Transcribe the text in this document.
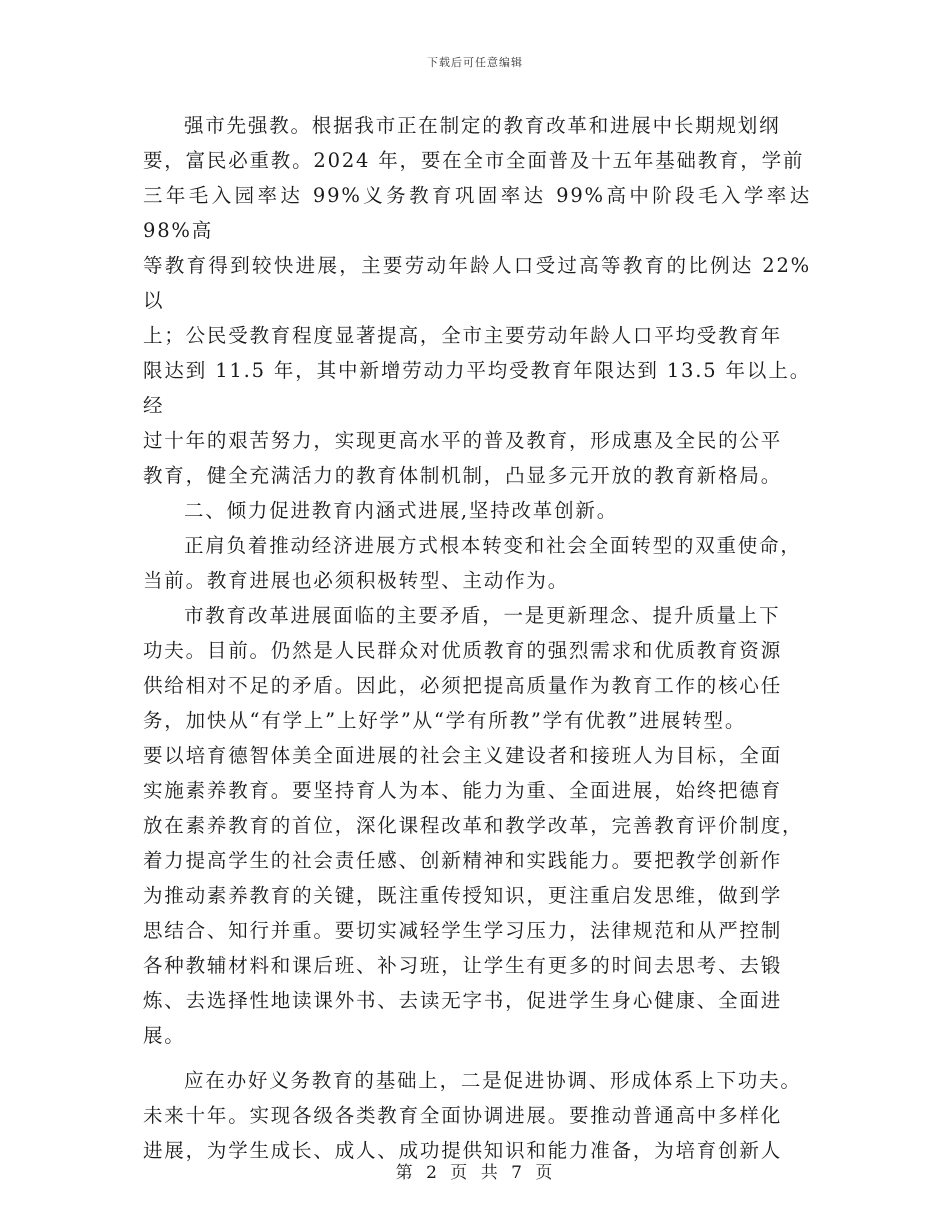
下载后可任意编辑

强市先强教。根据我市正在制定的教育改革和进展中长期规划纲
要，富民必重教。2024 年，要在全市全面普及十五年基础教育，学前
三年毛入园率达 99%义务教育巩固率达 99%高中阶段毛入学率达 98%高
等教育得到较快进展，主要劳动年龄人口受过高等教育的比例达 22%以
上；公民受教育程度显著提高，全市主要劳动年龄人口平均受教育年
限达到 11.5 年，其中新增劳动力平均受教育年限达到 13.5 年以上。经
过十年的艰苦努力，实现更高水平的普及教育，形成惠及全民的公平
教育，健全充满活力的教育体制机制，凸显多元开放的教育新格局。

二、倾力促进教育内涵式进展,坚持改革创新。

正肩负着推动经济进展方式根本转变和社会全面转型的双重使命，
当前。教育进展也必须积极转型、主动作为。

市教育改革进展面临的主要矛盾，一是更新理念、提升质量上下
功夫。目前。仍然是人民群众对优质教育的强烈需求和优质教育资源
供给相对不足的矛盾。因此，必须把提高质量作为教育工作的核心任
务，加快从“有学上”上好学”从“学有所教”学有优教”进展转型。
要以培育德智体美全面进展的社会主义建设者和接班人为目标，全面
实施素养教育。要坚持育人为本、能力为重、全面进展，始终把德育
放在素养教育的首位，深化课程改革和教学改革，完善教育评价制度，
着力提高学生的社会责任感、创新精神和实践能力。要把教学创新作
为推动素养教育的关键，既注重传授知识，更注重启发思维，做到学
思结合、知行并重。要切实减轻学生学习压力，法律规范和从严控制
各种教辅材料和课后班、补习班，让学生有更多的时间去思考、去锻
炼、去选择性地读课外书、去读无字书，促进学生身心健康、全面进
展。

应在办好义务教育的基础上，二是促进协调、形成体系上下功夫。
未来十年。实现各级各类教育全面协调进展。要推动普通高中多样化
进展，为学生成长、成人、成功提供知识和能力准备，为培育创新人

第 2 页 共 7 页
